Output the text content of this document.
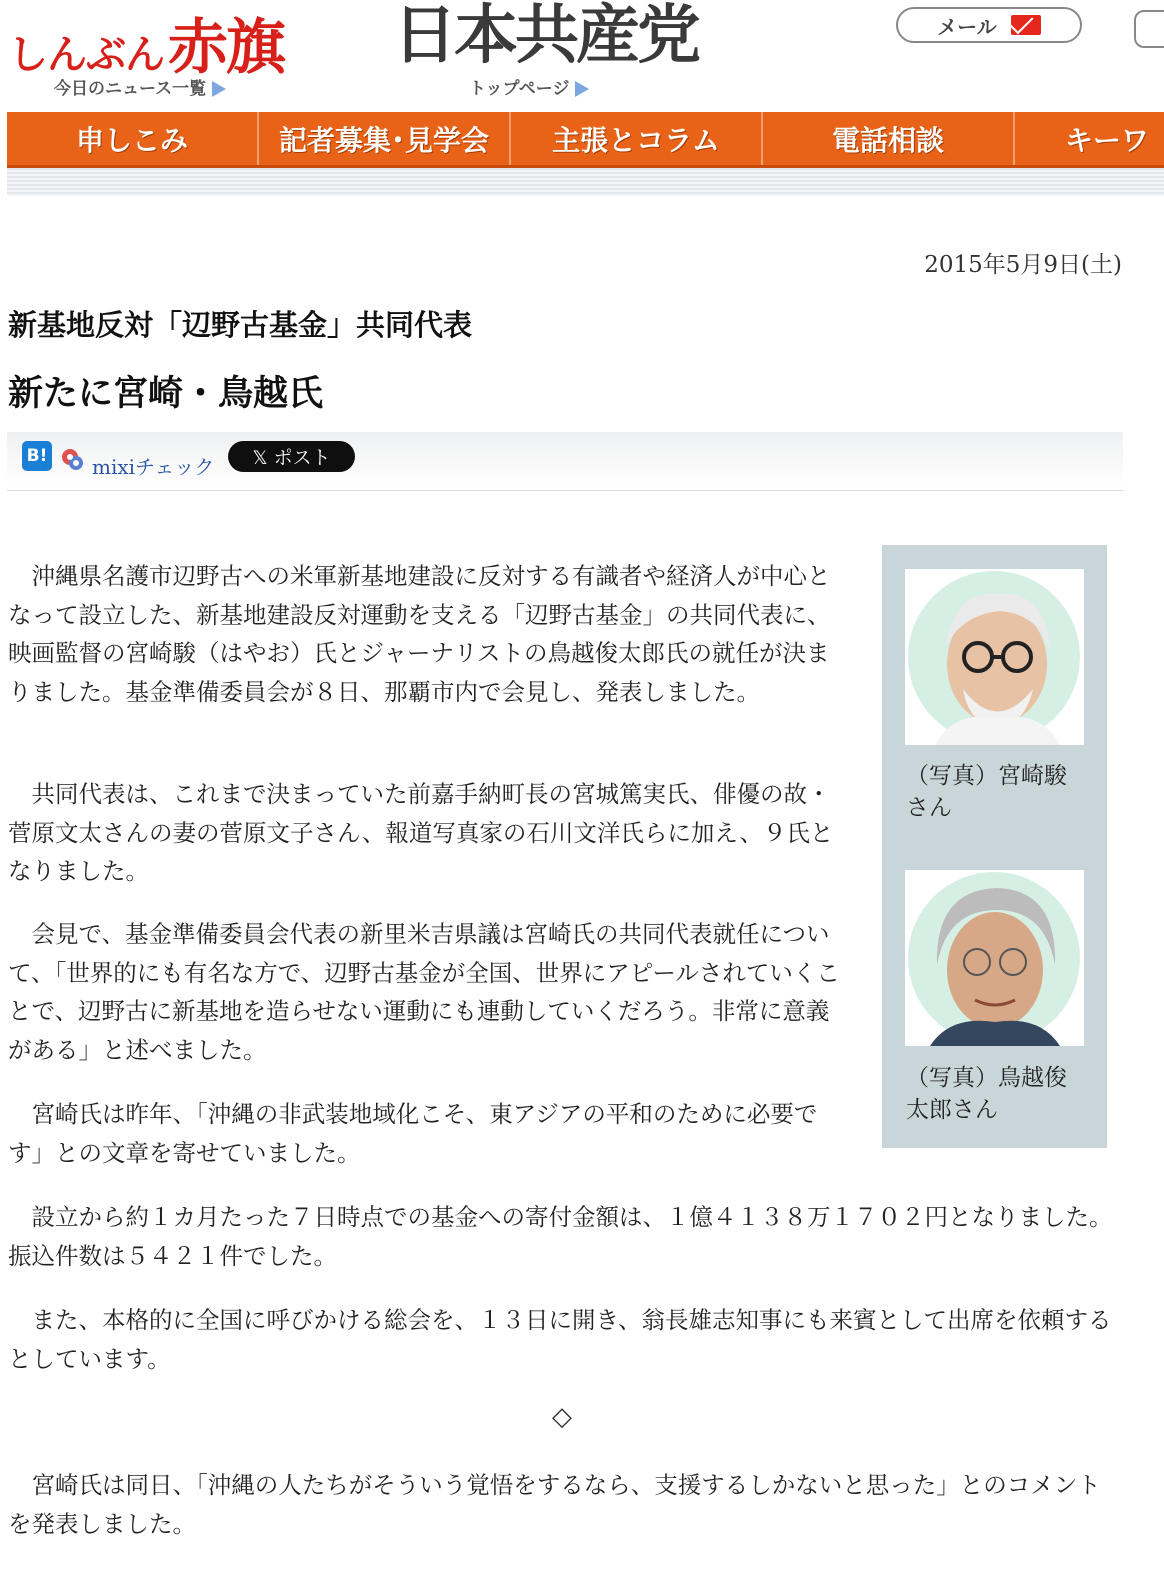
しんぶん 赤旗
今日のニュース一覧
日本共産党
トップページ
メール
申しこみ	記者募集･見学会	主張とコラム	電話相談	キーワ
2015年5月9日(土)
新基地反対「辺野古基金」共同代表
新たに宮崎・鳥越氏
B! mixiチェック	𝕏 ポスト

　沖縄県名護市辺野古への米軍新基地建設に反対する有識者や経済人が中心となって設立した、新基地建設反対運動を支える「辺野古基金」の共同代表に、映画監督の宮崎駿（はやお）氏とジャーナリストの鳥越俊太郎氏の就任が決まりました。基金準備委員会が８日、那覇市内で会見し、発表しました。

　共同代表は、これまで決まっていた前嘉手納町長の宮城篤実氏、俳優の故・菅原文太さんの妻の菅原文子さん、報道写真家の石川文洋氏らに加え、９氏となりました。

　会見で、基金準備委員会代表の新里米吉県議は宮崎氏の共同代表就任について、「世界的にも有名な方で、辺野古基金が全国、世界にアピールされていくことで、辺野古に新基地を造らせない運動にも連動していくだろう。非常に意義がある」と述べました。

　宮崎氏は昨年、「沖縄の非武装地域化こそ、東アジアの平和のために必要です」との文章を寄せていました。

　設立から約１カ月たった７日時点での基金への寄付金額は、１億４１３８万１７０２円となりました。振込件数は５４２１件でした。

　また、本格的に全国に呼びかける総会を、１３日に開き、翁長雄志知事にも来賓として出席を依頼するとしています。

◇

　宮崎氏は同日、「沖縄の人たちがそういう覚悟をするなら、支援するしかないと思った」とのコメントを発表しました。

（写真）宮崎駿さん
（写真）鳥越俊太郎さん
